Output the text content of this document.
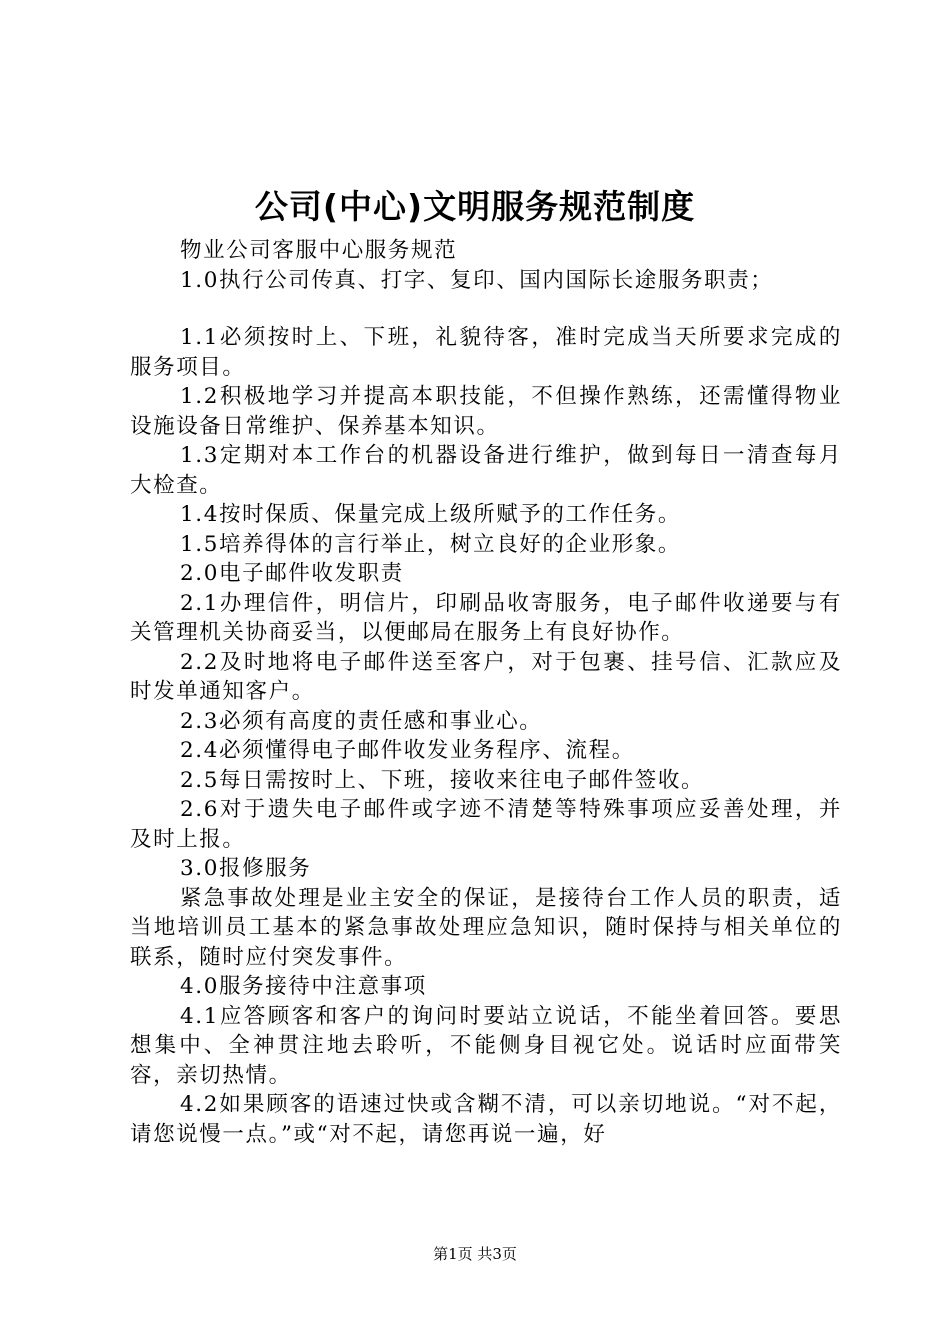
公司(中心)文明服务规范制度

物业公司客服中心服务规范

1.0执行公司传真、打字、复印、国内国际长途服务职责；

1.1必须按时上、下班，礼貌待客，准时完成当天所要求完成的服务项目。

1.2积极地学习并提高本职技能，不但操作熟练，还需懂得物业设施设备日常维护、保养基本知识。

1.3定期对本工作台的机器设备进行维护，做到每日一清查每月大检查。

1.4按时保质、保量完成上级所赋予的工作任务。

1.5培养得体的言行举止，树立良好的企业形象。

2.0电子邮件收发职责

2.1办理信件，明信片，印刷品收寄服务，电子邮件收递要与有关管理机关协商妥当，以便邮局在服务上有良好协作。

2.2及时地将电子邮件送至客户，对于包裹、挂号信、汇款应及时发单通知客户。

2.3必须有高度的责任感和事业心。

2.4必须懂得电子邮件收发业务程序、流程。

2.5每日需按时上、下班，接收来往电子邮件签收。

2.6对于遗失电子邮件或字迹不清楚等特殊事项应妥善处理，并及时上报。

3.0报修服务

紧急事故处理是业主安全的保证，是接待台工作人员的职责，适当地培训员工基本的紧急事故处理应急知识，随时保持与相关单位的联系，随时应付突发事件。

4.0服务接待中注意事项

4.1应答顾客和客户的询问时要站立说话，不能坐着回答。要思想集中、全神贯注地去聆听，不能侧身目视它处。说话时应面带笑容，亲切热情。

4.2如果顾客的语速过快或含糊不清，可以亲切地说。“对不起，请您说慢一点。”或“对不起，请您再说一遍，好

第1页 共3页
